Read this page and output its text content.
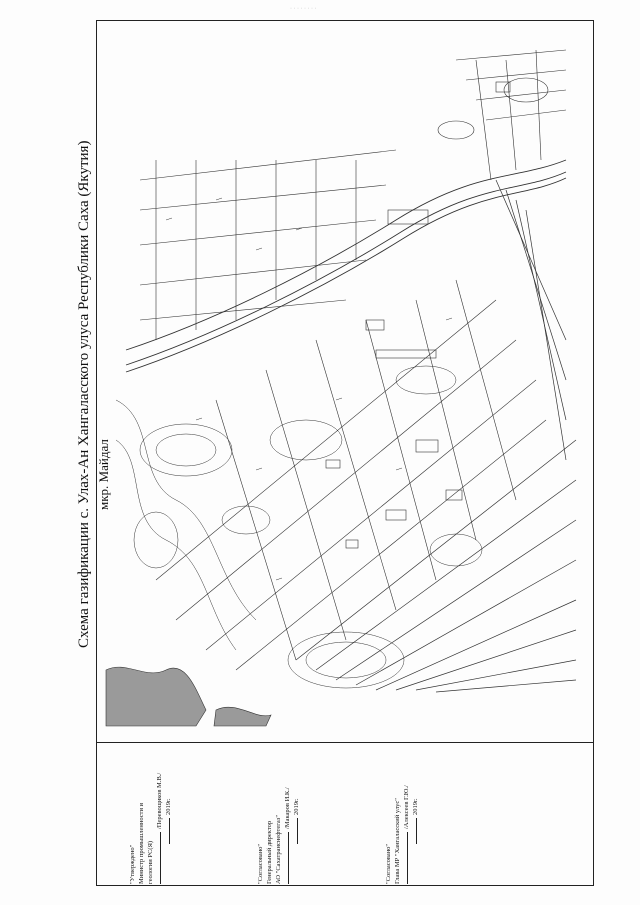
· · · · · · · ·
Схема газификации с. Улах-Ан Хангаласского улуса Республики Саха (Якутия) мкр. Майдал
"Утверждено" Министр промышленности и геологии РС(Я)
/Перевощиков М.В./ 2019г.
"Согласовано" Генеральный директор АО "Сахатранснефтегаз"
/Макаров И.К./ 2019г.
"Согласовано" Глава МР "Хангаласский улус" /Алексеев Г.Ю./ 2019г.
